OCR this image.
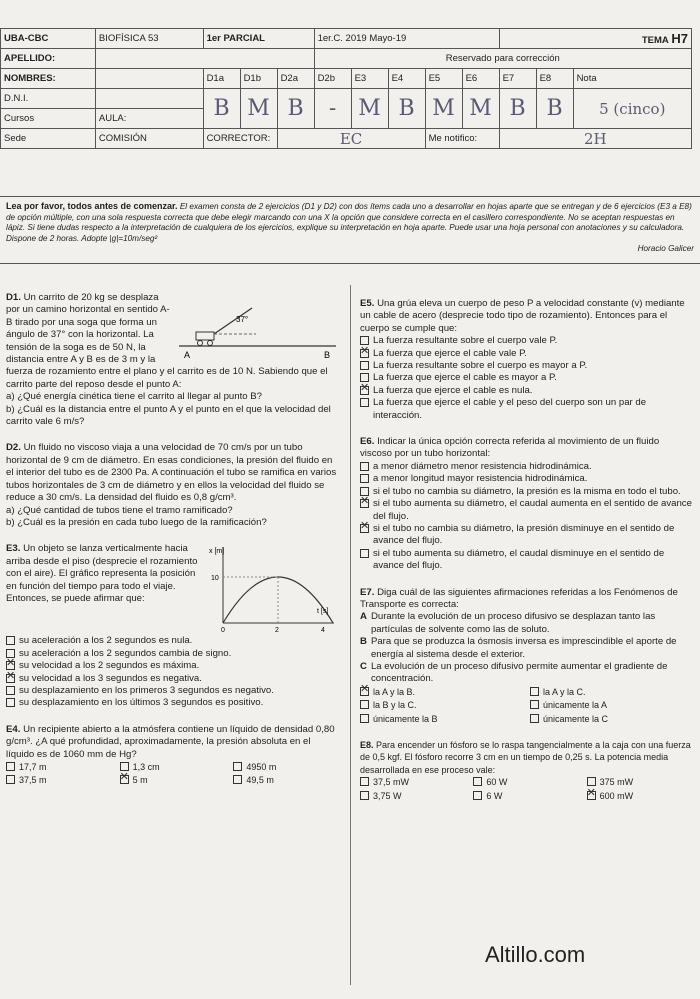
UBA-CBC	BIOFÍSICA 53	1er PARCIAL			1er.C. 2019 Mayo-19					TEMA H7		
APELLIDO:					Reservado para corrección							
NOMBRES:		D1a	D1b	D2a	D2b	E3	E4	E5	E6	E7	E8	Nota
D.N.I.		B	M	B	-	M	B	M	M	B	B	5 (cinco)
Cursos	AULA:											
Sede	COMISIÓN	CORRECTOR:		EC				Me notifico:		2H		
Lea por favor, todos antes de comenzar. El examen consta de 2 ejercicios (D1 y D2) con dos ítems cada uno a desarrollar en hojas aparte que se entregan y de 6 ejercicios (E3 a E8) de opción múltiple, con una sola respuesta correcta que debe elegir marcando con una X la opción que considere correcta en el casillero correspondiente. No se aceptan respuestas en lápiz. Si tiene dudas respecto a la interpretación de cualquiera de los ejercicios, explique su interpretación en hoja aparte. Puede usar una hoja personal con anotaciones y su calculadora. Dispone de 2 horas. Adopte |g|=10m/seg²
Horacio Galicer
37°
A	B
D1. Un carrito de 20 kg se desplaza por un camino horizontal en sentido A-B tirado por una soga que forma un ángulo de 37° con la horizontal. La tensión de la soga es de 50 N, la distancia entre A y B es de 3 m y la fuerza de rozamiento entre el plano y el carrito es de 10 N. Sabiendo que el carrito parte del reposo desde el punto A:
a) ¿Qué energía cinética tiene el carrito al llegar al punto B?
b) ¿Cuál es la distancia entre el punto A y el punto en el que la velocidad del carrito vale 6 m/s?
D2. Un fluido no viscoso viaja a una velocidad de 70 cm/s por un tubo horizontal de 9 cm de diámetro. En esas condiciones, la presión del fluido en el interior del tubo es de 2300 Pa. A continuación el tubo se ramifica en varios tubos horizontales de 3 cm de diámetro y en ellos la velocidad del fluido se reduce a 30 cm/s. La densidad del fluido es 0,8 g/cm³.
a) ¿Qué cantidad de tubos tiene el tramo ramificado?
b) ¿Cuál es la presión en cada tubo luego de la ramificación?
x [m]
t [s]
10
0	2	4
E3. Un objeto se lanza verticalmente hacia arriba desde el piso (desprecie el rozamiento con el aire). El gráfico representa la posición en función del tiempo para todo el viaje. Entonces, se puede afirmar que:
su aceleración a los 2 segundos es nula.
su aceleración a los 2 segundos cambia de signo.
✕
su velocidad a los 2 segundos es máxima.
✕
su velocidad a los 3 segundos es negativa.
su desplazamiento en los primeros 3 segundos es negativo.
su desplazamiento en los últimos 3 segundos es positivo.
E4. Un recipiente abierto a la atmósfera contiene un líquido de densidad 0,80 g/cm³. ¿A qué profundidad, aproximadamente, la presión absoluta en el líquido es de 1060 mm de Hg?
17,7 m	1,3 cm	4950 m
37,5 m ✕	5 m	49,5 m
E5. Una grúa eleva un cuerpo de peso P a velocidad constante (v) mediante un cable de acero (desprecie todo tipo de rozamiento). Entonces para el cuerpo se cumple que:
La fuerza resultante sobre el cuerpo vale P.
✕
La fuerza que ejerce el cable vale P.
La fuerza resultante sobre el cuerpo es mayor a P.
La fuerza que ejerce el cable es mayor a P.
✕
La fuerza que ejerce el cable es nula.
La fuerza que ejerce el cable y el peso del cuerpo son un par de interacción.
E6. Indicar la única opción correcta referida al movimiento de un fluido viscoso por un tubo horizontal:
a menor diámetro menor resistencia hidrodinámica.
a menor longitud mayor resistencia hidrodinámica.
si el tubo no cambia su diámetro, la presión es la misma en todo el tubo.
✕
si el tubo aumenta su diámetro, el caudal aumenta en el sentido de avance del flujo.
✕
si el tubo no cambia su diámetro, la presión disminuye en el sentido de avance del flujo.
si el tubo aumenta su diámetro, el caudal disminuye en el sentido de avance del flujo.
E7. Diga cuál de las siguientes afirmaciones referidas a los Fenómenos de Transporte es correcta:
A Durante la evolución de un proceso difusivo se desplazan tanto las partículas de solvente como las de soluto.
B Para que se produzca la ósmosis inversa es imprescindible el aporte de energía al sistema desde el exterior.
C La evolución de un proceso difusivo permite aumentar el gradiente de concentración.
✕
la A y la B.	la A y la C.
la B y la C.	únicamente la A
únicamente la B	únicamente la C
E8. Para encender un fósforo se lo raspa tangencialmente a la caja con una fuerza de 0,5 kgf. El fósforo recorre 3 cm en un tiempo de 0,25 s. La potencia media desarrollada en ese proceso vale:
37,5 mW	60 W	375 mW
3,75 W	6 W ✕	600 mW
Altillo.com
